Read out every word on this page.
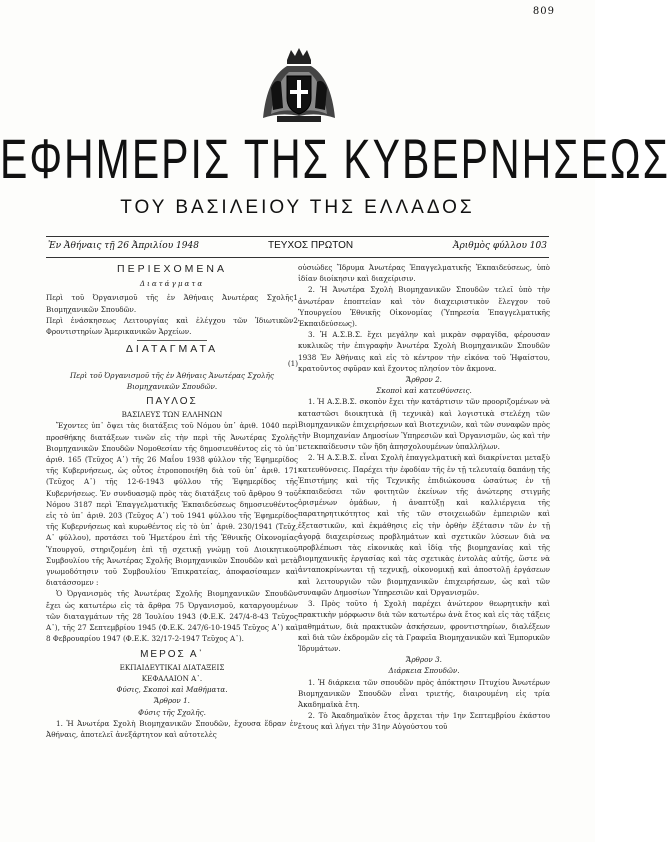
809
ΕΦΗΜΕΡΙΣ ΤΗΣ ΚΥΒΕΡΝΗΣΕΩΣ
ΤΟΥ ΒΑΣΙΛΕΙΟΥ ΤΗΣ ΕΛΛΑΔΟΣ
Ἐν Ἀθήναις τῇ 26 Ἀπριλίου 1948	ΤΕΥΧΟΣ ΠΡΩΤΟΝ	Ἀριθμὸς φύλλου 103
ΠΕΡΙΕΧΟΜΕΝΑ
Διατάγματα

Περὶ τοῦ Ὀργανισμοῦ τῆς ἐν Ἀθήναις Ἀνωτέρας Σχολῆς Βιομηχανικῶν Σπουδῶν.
1

Περὶ ἐνάσκησεως Λειτουργίας καὶ ἐλέγχου τῶν Ἰδιωτικῶν Φροντιστηρίων Ἀμερικανικῶν Ἀρχείων.
2

ΔΙΑΤΑΓΜΑΤΑ
(1)
Περὶ τοῦ Ὀργανισμοῦ τῆς ἐν Ἀθήναις Ἀνωτέρας Σχολῆς Βιομηχανικῶν Σπουδῶν.
ΠΑΥΛΟΣ
ΒΑΣΙΛΕΥΣ ΤΩΝ ΕΛΛΗΝΩΝ

Ἔχοντες ὑπ᾽ ὄψει τὰς διατάξεις τοῦ Νόμου ὑπ᾽ ἀριθ. 1040 περὶ προσθήκης διατάξεων τινῶν εἰς τὴν περὶ τῆς Ἀνωτέρας Σχολῆς Βιομηχανικῶν Σπουδῶν Νομοθεσίαν τῆς δημοσιευθέντος εἰς τὸ ὑπ᾽ ἀριθ. 165 (Τεῦχος Α᾽) τῆς 26 Μαΐου 1938 φύλλον τῆς Ἐφημερίδος τῆς Κυβερνήσεως, ὡς οὗτος ἐτροποποιήθη διὰ τοῦ ὑπ᾽ ἀριθ. 171 (Τεῦχος Α᾽) τῆς 12-6-1943 φύλλου τῆς Ἐφημερίδος τῆς Κυβερνήσεως. Ἐν συνδυασμῷ πρὸς τὰς διατάξεις τοῦ ἄρθρου 9 τοῦ Νόμου 3187 περὶ Ἐπαγγελματικῆς Ἐκπαιδεύσεως δημοσιευθέντος εἰς τὸ ὑπ᾽ ἀριθ. 203 (Τεῦχος Α᾽) τοῦ 1941 φύλλου τῆς Ἐφημερίδος τῆς Κυβερνήσεως καὶ κυρωθέντος εἰς τὸ ὑπ᾽ ἀριθ. 230/1941 (Τεῦχ. Α᾽ φύλλου), προτάσει τοῦ Ἡμετέρου ἐπὶ τῆς Ἐθνικῆς Οἰκονομίας Ὑπουργοῦ, στηριζομένη ἐπὶ τῇ σχετικῇ γνώμῃ τοῦ Διοικητικοῦ Συμβουλίου τῆς Ἀνωτέρας Σχολῆς Βιομηχανικῶν Σπουδῶν καὶ μετὰ γνωμοδότησιν τοῦ Συμβουλίου Ἐπικρατείας, ἀποφασίσαμεν καὶ διατάσσομεν :

Ὁ Ὀργανισμὸς τῆς Ἀνωτέρας Σχολῆς Βιομηχανικῶν Σπουδῶν ἔχει ὡς κατωτέρω εἰς τὰ ἄρθρα 75 Ὀργανισμοῦ, καταργουμένων τῶν διαταγμάτων τῆς 28 Ἰουλίου 1943 (Φ.Ε.Κ. 247/4-8-43 Τεῦχος Α᾽), τῆς 27 Σεπτεμβρίου 1945 (Φ.Ε.Κ. 247/6-10-1945 Τεῦχος Α᾽) καὶ 8 Φεβρουαρίου 1947 (Φ.Ε.Κ. 32/17-2-1947 Τεῦχος Α᾽).

ΜΕΡΟΣ Α᾽
ΕΚΠΑΙΔΕΥΤΙΚΑΙ ΔΙΑΤΑΞΕΙΣ
ΚΕΦΑΛΑΙΟΝ Α᾽.
Φύσις, Σκοποὶ καὶ Μαθήματα.
Ἄρθρον 1.
Φύσις τῆς Σχολῆς.

1. Ἡ Ἀνωτέρα Σχολὴ Βιομηχανικῶν Σπουδῶν, ἔχουσα ἕδραν ἐν Ἀθήναις, ἀποτελεῖ ἀνεξάρτητον καὶ αὐτοτελὲς

οὐσιώδες Ἵδρυμα Ἀνωτέρας Ἐπαγγελματικῆς Ἐκπαιδεύσεως, ὑπὸ ἰδίαν διοίκησιν καὶ διαχείρισιν.

2. Ἡ Ἀνωτέρα Σχολὴ Βιομηχανικῶν Σπουδῶν τελεῖ ὑπὸ τὴν ἀνωτέραν ἐποπτείαν καὶ τὸν διαχειριστικὸν ἔλεγχον τοῦ Ὑπουργείου Ἐθνικῆς Οἰκονομίας (Ὑπηρεσία Ἐπαγγελματικῆς Ἐκπαιδεύσεως).

3. Ἡ Α.Σ.Β.Σ. ἔχει μεγάλην καὶ μικρὰν σφραγῖδα, φέρουσαν κυκλικῶς τὴν ἐπιγραφὴν Ἀνωτέρα Σχολὴ Βιομηχανικῶν Σπουδῶν 1938 Ἐν Ἀθήναις καὶ εἰς τὸ κέντρον τὴν εἰκόνα τοῦ Ἡφαίστου, κρατοῦντος σφῦραν καὶ ἔχοντος πλησίον τὸν ἄκμονα.

Ἄρθρον 2.
Σκοποὶ καὶ κατευθύνσεις.

1. Ἡ Α.Σ.Β.Σ. σκοπὸν ἔχει τὴν κατάρτισιν τῶν προοριζομένων νὰ καταστῶσι διοικητικὰ (ἢ τεχνικὰ) καὶ λογιστικὰ στελέχη τῶν Βιομηχανικῶν ἐπιχειρήσεων καὶ Βιοτεχνιῶν, καὶ τῶν συναφῶν πρὸς τὴν Βιομηχανίαν Δημοσίων Ὑπηρεσιῶν καὶ Ὀργανισμῶν, ὡς καὶ τὴν μετεκπαίδευσιν τῶν ἤδη ἀπησχολουμένων ὑπαλλήλων.

2. Ἡ Α.Σ.Β.Σ. εἶναι Σχολὴ ἐπαγγελματικὴ καὶ διακρίνεται μεταξὺ κατευθύνσεις. Παρέχει τὴν ἐφοδίαν τῆς ἐν τῇ τελευταίᾳ δαπάνῃ τῆς Ἐπιστήμης καὶ τῆς Τεχνικῆς ἐπιδιώκουσα ὡσαύτως ἐν τῇ ἐκπαιδεύσει τῶν φοιτητῶν ἐκείνων τῆς ἀνώτερης στιγμῆς ὁρισμένων ὁμάδων, ἡ ἀναπτύξῃ καὶ καλλιέργεια τῆς παρατηρητικότητος καὶ τῆς τῶν στοιχειωδῶν ἐμπειριῶν καὶ ἐξεταστικῶν, καὶ ἐκμάθησις εἰς τὴν ὀρθὴν ἐξέτασιν τῶν ἐν τῇ ἀγορᾷ διαχειρίσεως προβλημάτων καὶ σχετικῶν λύσεων διὰ να προβλέπωσι τὰς εἰκονικὰς καὶ ἰδίᾳ τῆς βιομηχανίας καὶ τῆς βιομηχανικῆς ἐργασίας καὶ τὰς σχετικὰς ἐντολὰς αὐτῆς, ὥστε νὰ ἀνταποκρίνωνται τῇ τεχνικῇ, οἰκονομικῇ καὶ ἀποστολῇ ἐργάσεων καὶ λειτουργιῶν τῶν βιομηχανικῶν ἐπιχειρήσεων, ὡς καὶ τῶν συναφῶν Δημοσίων Ὑπηρεσιῶν καὶ Ὀργανισμῶν.

3. Πρὸς τοῦτο ἡ Σχολὴ παρέχει ἀνώτερον θεωρητικὴν καὶ πρακτικὴν μόρφωσιν διὰ τῶν κατωτέρω ἀνὰ ἔτος καὶ εἰς τὰς τάξεις μαθημάτων, διὰ πρακτικῶν ἀσκήσεων, φροντιστηρίων, διαλέξεων καὶ διὰ τῶν ἐκδρομῶν εἰς τὰ Γραφεῖα Βιομηχανικῶν καὶ Ἐμπορικῶν Ἱδρυμάτων.

Ἄρθρον 3.
Διάρκεια Σπουδῶν.

1. Ἡ διάρκεια τῶν σπουδῶν πρὸς ἀπόκτησιν Πτυχίου Ἀνωτέρων Βιομηχανικῶν Σπουδῶν εἶναι τριετής, διαιρουμένη εἰς τρία Ἀκαδημαϊκὰ ἔτη.

2. Τὸ Ἀκαδημαϊκὸν ἔτος ἄρχεται τὴν 1ην Σεπτεμβρίου ἑκάστου ἔτους καὶ λήγει τὴν 31ην Αὐγούστου τοῦ
